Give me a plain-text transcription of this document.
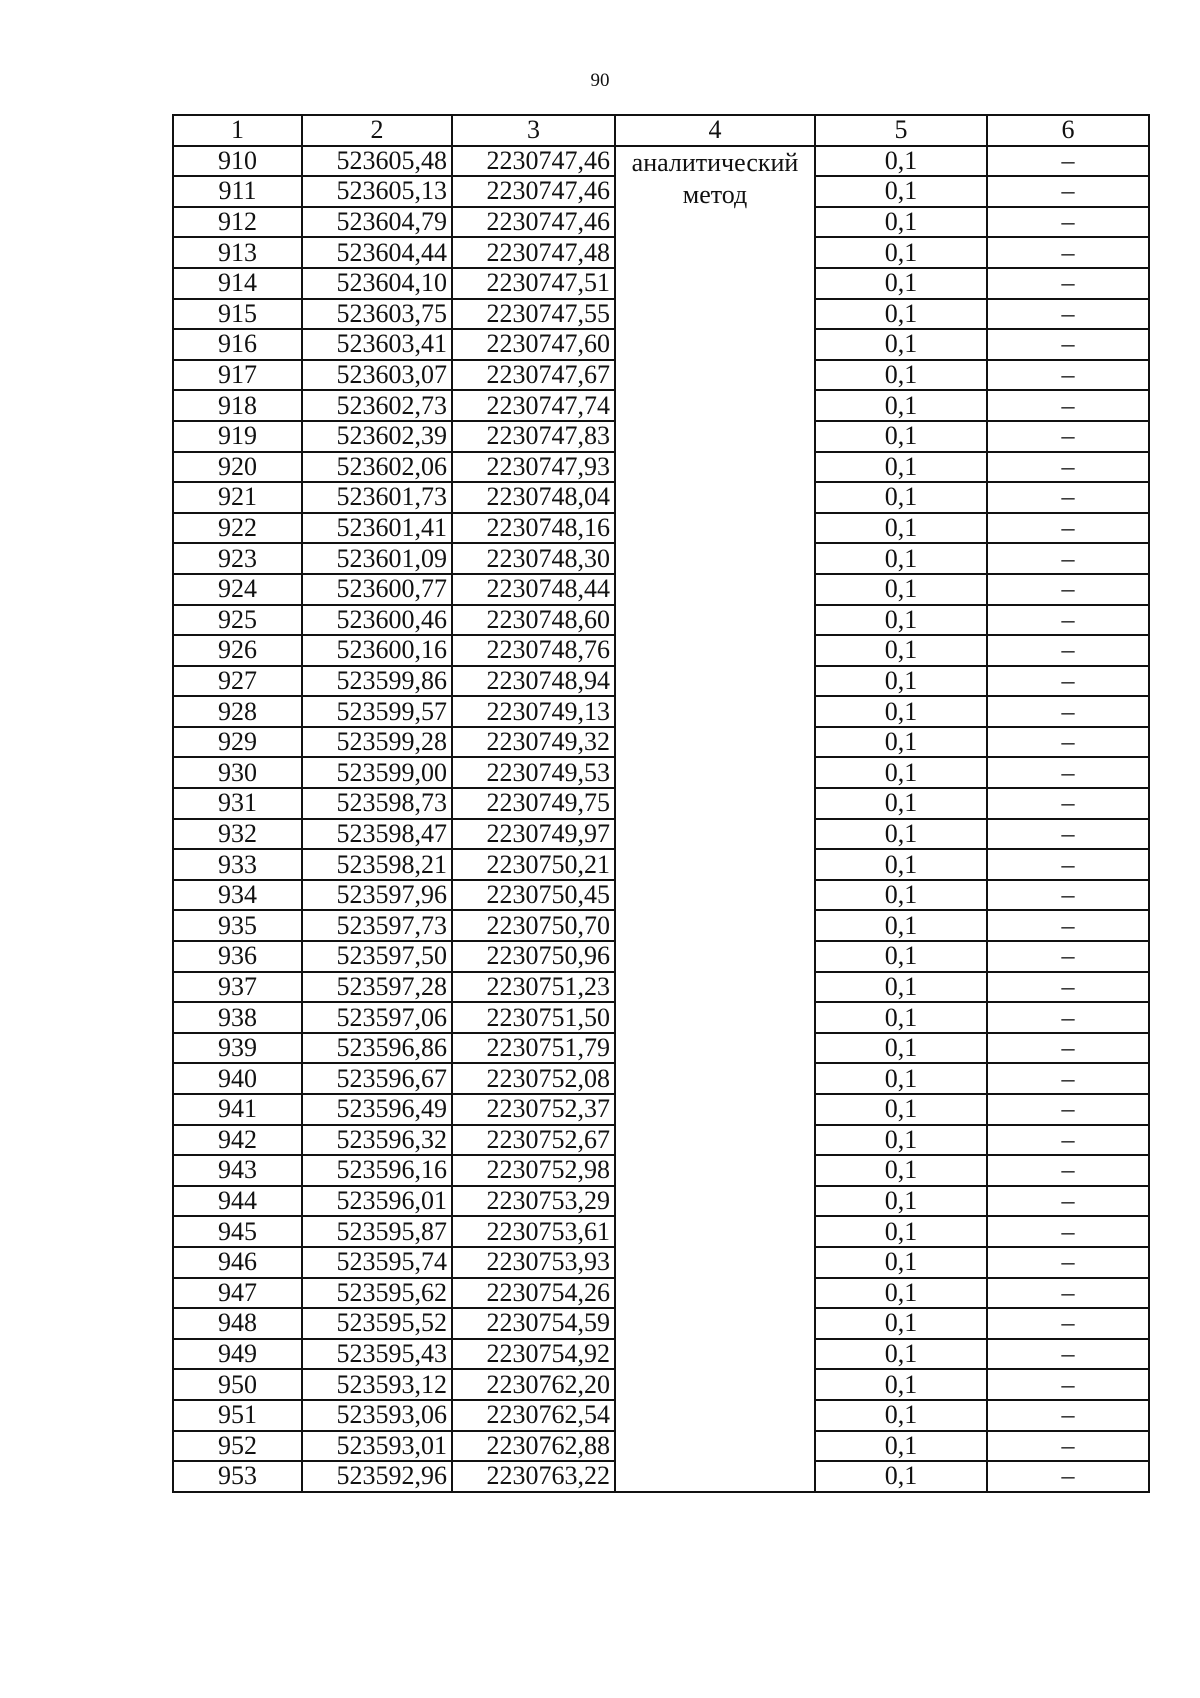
90
1	2	3	4	5	6
910	523605,48	2230747,46	аналитический метод	0,1	–
911	523605,13	2230747,46		0,1	–
912	523604,79	2230747,46		0,1	–
913	523604,44	2230747,48		0,1	–
914	523604,10	2230747,51		0,1	–
915	523603,75	2230747,55		0,1	–
916	523603,41	2230747,60		0,1	–
917	523603,07	2230747,67		0,1	–
918	523602,73	2230747,74		0,1	–
919	523602,39	2230747,83		0,1	–
920	523602,06	2230747,93		0,1	–
921	523601,73	2230748,04		0,1	–
922	523601,41	2230748,16		0,1	–
923	523601,09	2230748,30		0,1	–
924	523600,77	2230748,44		0,1	–
925	523600,46	2230748,60		0,1	–
926	523600,16	2230748,76		0,1	–
927	523599,86	2230748,94		0,1	–
928	523599,57	2230749,13		0,1	–
929	523599,28	2230749,32		0,1	–
930	523599,00	2230749,53		0,1	–
931	523598,73	2230749,75		0,1	–
932	523598,47	2230749,97		0,1	–
933	523598,21	2230750,21		0,1	–
934	523597,96	2230750,45		0,1	–
935	523597,73	2230750,70		0,1	–
936	523597,50	2230750,96		0,1	–
937	523597,28	2230751,23		0,1	–
938	523597,06	2230751,50		0,1	–
939	523596,86	2230751,79		0,1	–
940	523596,67	2230752,08		0,1	–
941	523596,49	2230752,37		0,1	–
942	523596,32	2230752,67		0,1	–
943	523596,16	2230752,98		0,1	–
944	523596,01	2230753,29		0,1	–
945	523595,87	2230753,61		0,1	–
946	523595,74	2230753,93		0,1	–
947	523595,62	2230754,26		0,1	–
948	523595,52	2230754,59		0,1	–
949	523595,43	2230754,92		0,1	–
950	523593,12	2230762,20		0,1	–
951	523593,06	2230762,54		0,1	–
952	523593,01	2230762,88		0,1	–
953	523592,96	2230763,22		0,1	–
